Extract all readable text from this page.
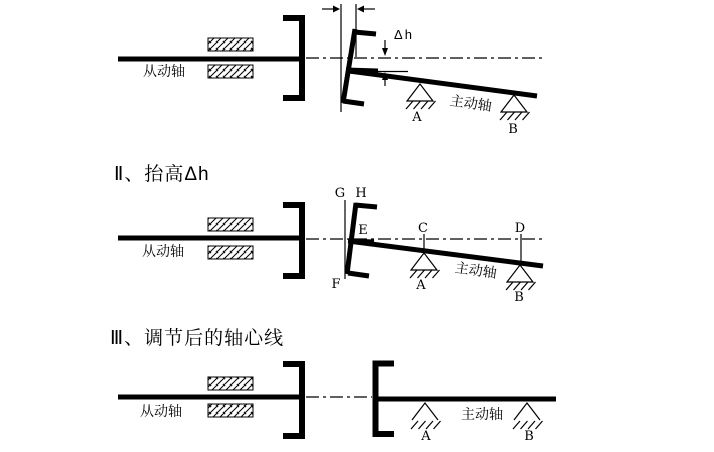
从动轴
Δh
A
B
主动轴
Ⅱ、抬高Δh
从动轴
G H
E
F
C	D
A
B
主动轴
Ⅲ、调节后的轴心线
从动轴
A	B
主动轴
